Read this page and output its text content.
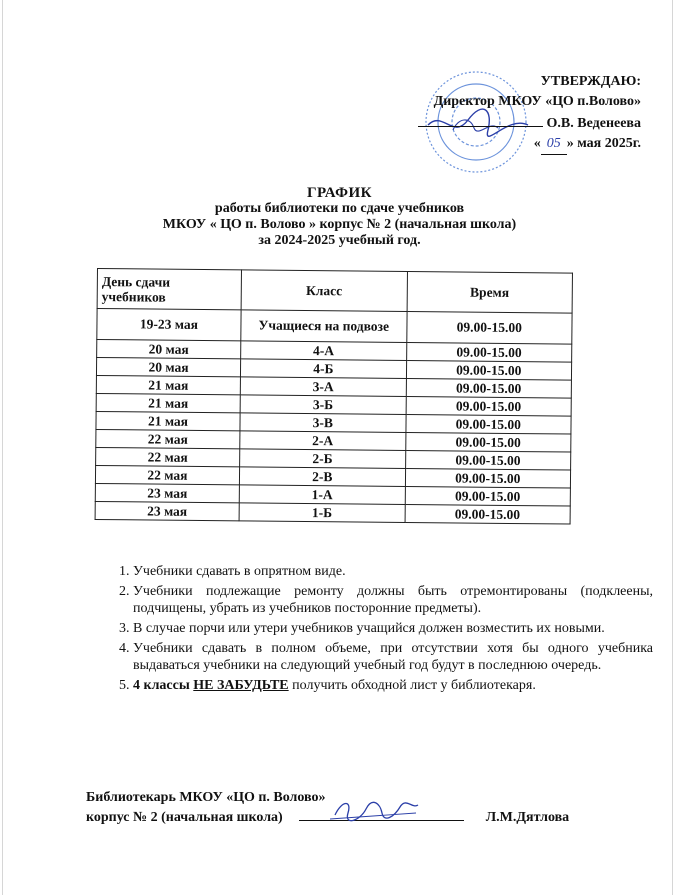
УТВЕРЖДАЮ:
Директор МКОУ «ЦО п.Волово»
О.В. Веденеева
« 05 » мая 2025г.
ГРАФИК
работы библиотеки по сдаче учебников
МКОУ « ЦО п. Волово » корпус № 2 (начальная школа)
за 2024-2025 учебный год.
День сдачи учебников	Класс	Время
19-23 мая	Учащиеся на подвозе	09.00-15.00
20 мая	4-А	09.00-15.00
20 мая	4-Б	09.00-15.00
21 мая	3-А	09.00-15.00
21 мая	3-Б	09.00-15.00
21 мая	3-В	09.00-15.00
22 мая	2-А	09.00-15.00
22 мая	2-Б	09.00-15.00
22 мая	2-В	09.00-15.00
23 мая	1-А	09.00-15.00
23 мая	1-Б	09.00-15.00
1. Учебники сдавать в опрятном виде.
2. Учебники подлежащие ремонту должны быть отремонтированы (подклеены, подчищены, убрать из учебников посторонние предметы).
3. В случае порчи или утери учебников учащийся должен возместить их новыми.
4. Учебники сдавать в полном объеме, при отсутствии хотя бы одного учебника выдаваться учебники на следующий учебный год будут в последнюю очередь.
5. 4 классы НЕ ЗАБУДЬТЕ получить обходной лист у библиотекаря.
Библиотекарь МКОУ «ЦО п. Волово»
корпус № 2 (начальная школа)	Л.М.Дятлова
